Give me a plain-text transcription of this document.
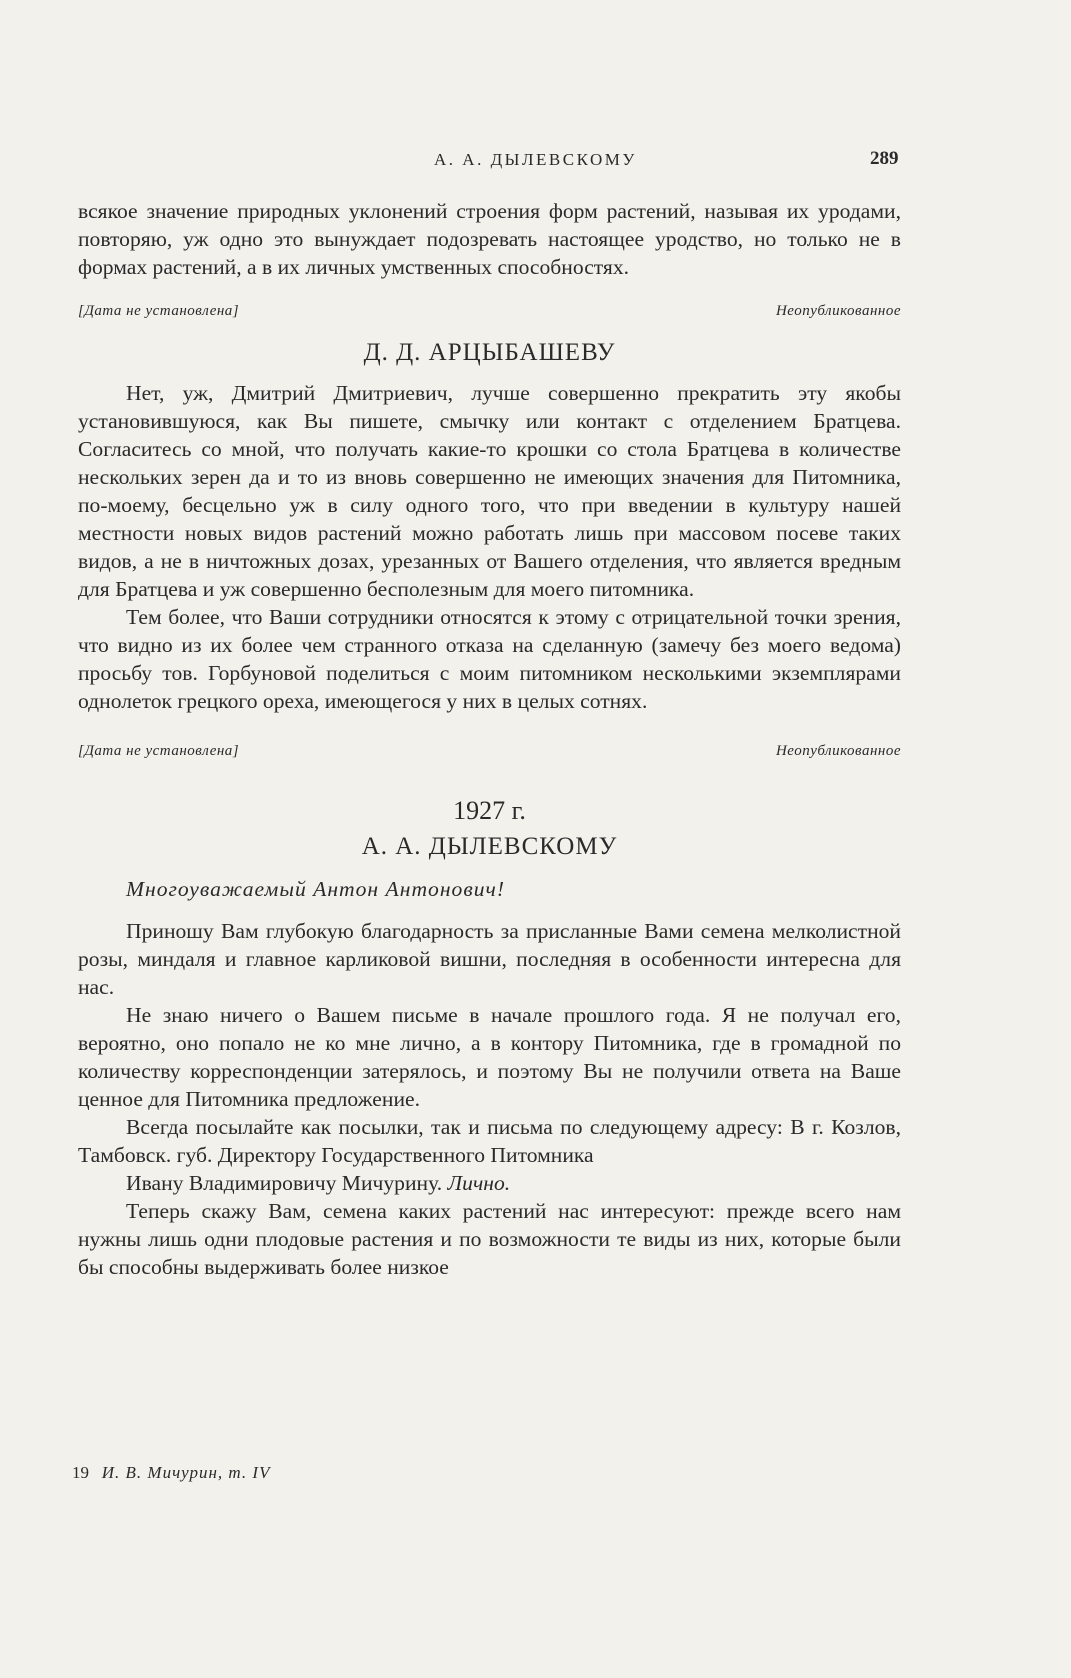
А. А. ДЫЛЕВСКОМУ	289

всякое значение природных уклонений строения форм растений, называя их уродами, повторяю, уж одно это вынуждает подозревать настоящее уродство, но только не в формах растений, а в их личных умственных способностях.

[Дата не установлена]	Неопубликованное
Д. Д. АРЦЫБАШЕВУ

Нет, уж, Дмитрий Дмитриевич, лучше совершенно прекратить эту якобы установившуюся, как Вы пишете, смычку или контакт с отделением Братцева. Согласитесь со мной, что получать какие-то крошки со стола Братцева в количестве нескольких зерен да и то из вновь совершенно не имеющих значения для Питомника, по-моему, бесцельно уж в силу одного того, что при введении в культуру нашей местности новых видов растений можно работать лишь при массовом посеве таких видов, а не в ничтожных дозах, урезанных от Вашего отделения, что является вредным для Братцева и уж совершенно бесполезным для моего питомника.

Тем более, что Ваши сотрудники относятся к этому с отрицательной точки зрения, что видно из их более чем странного отказа на сделанную (замечу без моего ведома) просьбу тов. Горбуновой поделиться с моим питомником несколькими экземплярами однолеток грецкого ореха, имеющегося у них в целых сотнях.

[Дата не установлена]	Неопубликованное
1927 г.
А. А. ДЫЛЕВСКОМУ

Многоуважаемый Антон Антонович!

Приношу Вам глубокую благодарность за присланные Вами семена мелколистной розы, миндаля и главное карликовой вишни, последняя в особенности интересна для нас.

Не знаю ничего о Вашем письме в начале прошлого года. Я не получал его, вероятно, оно попало не ко мне лично, а в контору Питомника, где в громадной по количеству корреспонденции затерялось, и поэтому Вы не получили ответа на Ваше ценное для Питомника предложение.

Всегда посылайте как посылки, так и письма по следующему адресу: В г. Козлов, Тамбовск. губ. Директору Государственного Питомника

Ивану Владимировичу Мичурину. Лично.

Теперь скажу Вам, семена каких растений нас интересуют: прежде всего нам нужны лишь одни плодовые растения и по возможности те виды из них, которые были бы способны выдерживать более низкое

19 И. В. Мичурин, т. IV
